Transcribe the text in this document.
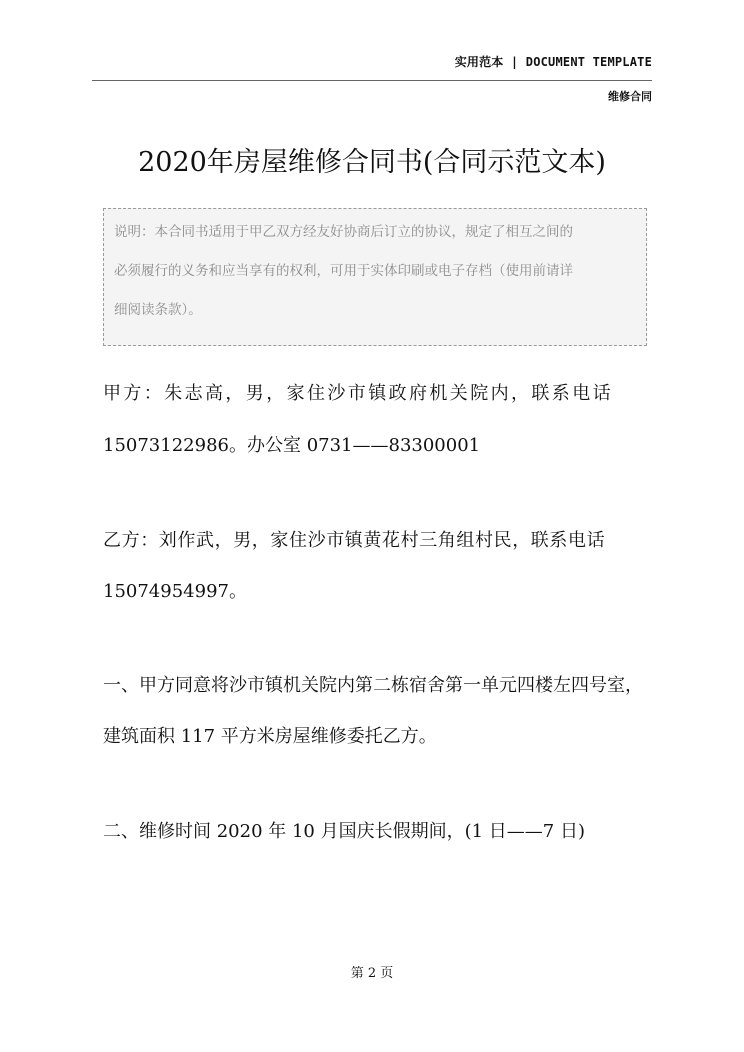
实用范本 | DOCUMENT TEMPLATE
维修合同
2020年房屋维修合同书(合同示范文本)
说明：本合同书适用于甲乙双方经友好协商后订立的协议，规定了相互之间的
必须履行的义务和应当享有的权利，可用于实体印刷或电子存档（使用前请详
细阅读条款）。
甲方：朱志高，男，家住沙市镇政府机关院内，联系电话
15073122986。办公室 0731——83300001
乙方：刘作武，男，家住沙市镇黄花村三角组村民，联系电话
15074954997。
一、甲方同意将沙市镇机关院内第二栋宿舍第一单元四楼左四号室，
建筑面积 117 平方米房屋维修委托乙方。
二、维修时间 2020 年 10 月国庆长假期间，(1 日——7 日)
第 2 页
